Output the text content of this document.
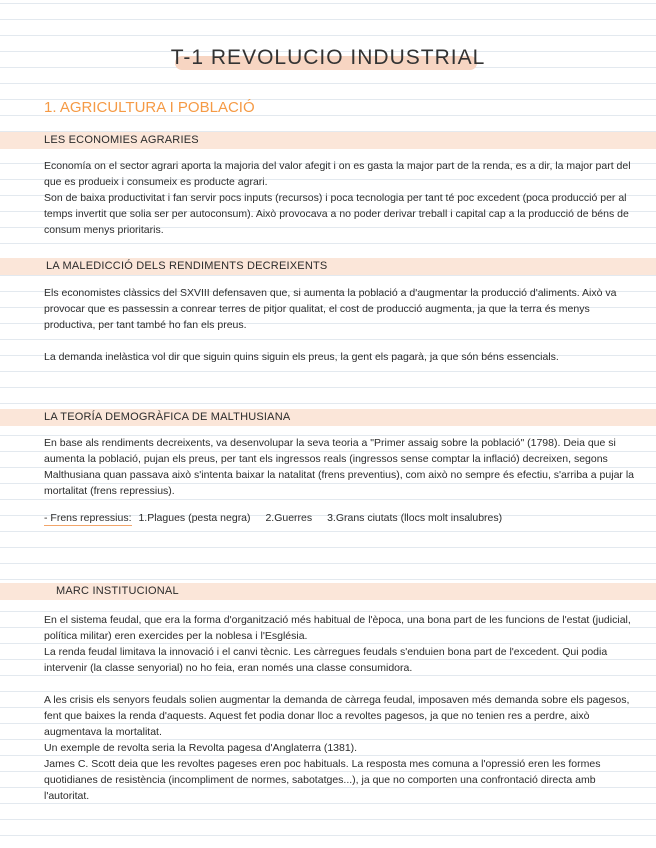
T-1 REVOLUCIO INDUSTRIAL
1. AGRICULTURA I POBLACIÓ
LES ECONOMIES AGRARIES

Economía on el sector agrari aporta la majoria del valor afegit i on es gasta la major part de la renda, es a dir, la major part del que es produeix i consumeix es producte agrari.

Son de baixa productivitat i fan servir pocs inputs (recursos) i poca tecnologia per tant té poc excedent (poca producció per al temps invertit que solia ser per autoconsum). Això provocava a no poder derivar treball i capital cap a la producció de béns de consum menys prioritaris.

LA MALEDICCIÓ DELS RENDIMENTS DECREIXENTS

Els economistes clàssics del SXVIII defensaven que, si aumenta la població a d'augmentar la producció d'aliments. Això va provocar que es passessin a conrear terres de pitjor qualitat, el cost de producció augmenta, ja que la terra és menys productiva, per tant també ho fan els preus.

La demanda inelàstica vol dir que siguin quins siguin els preus, la gent els pagarà, ja que són béns essencials.

LA TEORÍA DEMOGRÀFICA DE MALTHUSIANA

En base als rendiments decreixents, va desenvolupar la seva teoria a "Primer assaig sobre la població" (1798). Deia que si aumenta la població, pujan els preus, per tant els ingressos reals (ingressos sense comptar la inflació) decreixen, segons Malthusiana quan passava això s'intenta baixar la natalitat (frens preventius), com això no sempre és efectiu, s'arriba a pujar la mortalitat (frens repressius).

- Frens repressius: 1.Plagues (pesta negra) 2.Guerres 3.Grans ciutats (llocs molt insalubres)
MARC INSTITUCIONAL

En el sistema feudal, que era la forma d'organització més habitual de l'època, una bona part de les funcions de l'estat (judicial, política militar) eren exercides per la noblesa i l'Església.

La renda feudal limitava la innovació i el canvi tècnic. Les càrregues feudals s'enduien bona part de l'excedent. Qui podia intervenir (la classe senyorial) no ho feia, eran només una classe consumidora.

A les crisis els senyors feudals solien augmentar la demanda de càrrega feudal, imposaven més demanda sobre els pagesos, fent que baixes la renda d'aquests. Aquest fet podia donar lloc a revoltes pagesos, ja que no tenien res a perdre, això augmentava la mortalitat.

Un exemple de revolta seria la Revolta pagesa d'Anglaterra (1381).

James C. Scott deia que les revoltes pageses eren poc habituals. La resposta mes comuna a l'opressió eren les formes quotidianes de resistència (incompliment de normes, sabotatges...), ja que no comporten una confrontació directa amb l'autoritat.
